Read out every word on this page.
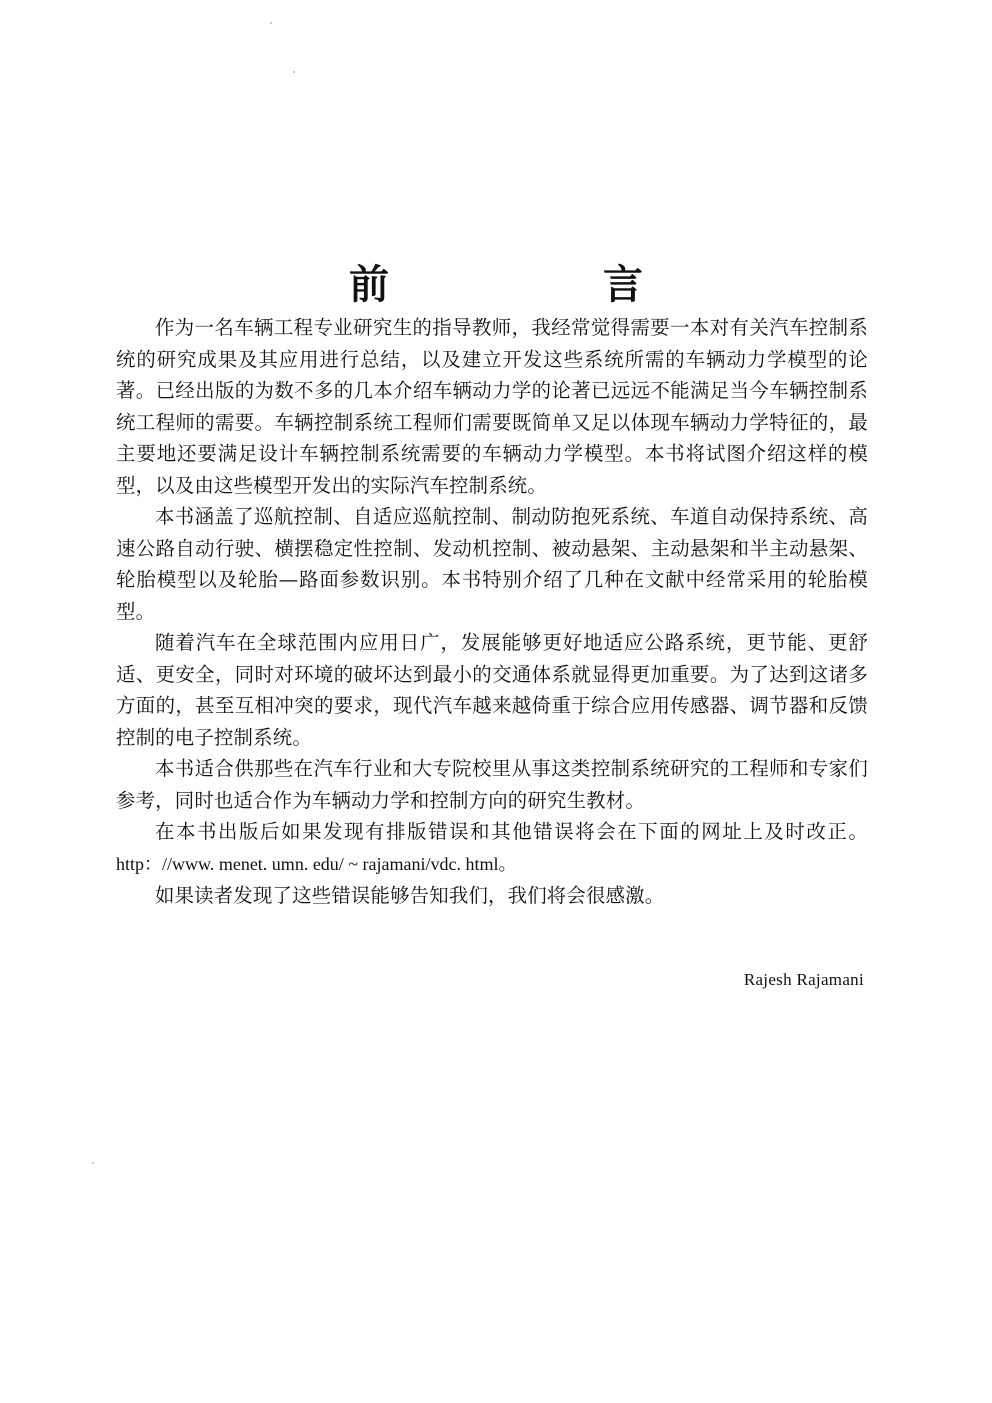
前 言

作为一名车辆工程专业研究生的指导教师，我经常觉得需要一本对有关汽车控制系统的研究成果及其应用进行总结，以及建立开发这些系统所需的车辆动力学模型的论著。已经出版的为数不多的几本介绍车辆动力学的论著已远远不能满足当今车辆控制系统工程师的需要。车辆控制系统工程师们需要既简单又足以体现车辆动力学特征的，最主要地还要满足设计车辆控制系统需要的车辆动力学模型。本书将试图介绍这样的模型，以及由这些模型开发出的实际汽车控制系统。

本书涵盖了巡航控制、自适应巡航控制、制动防抱死系统、车道自动保持系统、高速公路自动行驶、横摆稳定性控制、发动机控制、被动悬架、主动悬架和半主动悬架、轮胎模型以及轮胎—路面参数识别。本书特别介绍了几种在文献中经常采用的轮胎模型。

随着汽车在全球范围内应用日广，发展能够更好地适应公路系统，更节能、更舒适、更安全，同时对环境的破坏达到最小的交通体系就显得更加重要。为了达到这诸多方面的，甚至互相冲突的要求，现代汽车越来越倚重于综合应用传感器、调节器和反馈控制的电子控制系统。

本书适合供那些在汽车行业和大专院校里从事这类控制系统研究的工程师和专家们参考，同时也适合作为车辆动力学和控制方向的研究生教材。

在本书出版后如果发现有排版错误和其他错误将会在下面的网址上及时改正。http：//www. menet. umn. edu/ ~ rajamani/vdc. html。

如果读者发现了这些错误能够告知我们，我们将会很感激。

Rajesh Rajamani
